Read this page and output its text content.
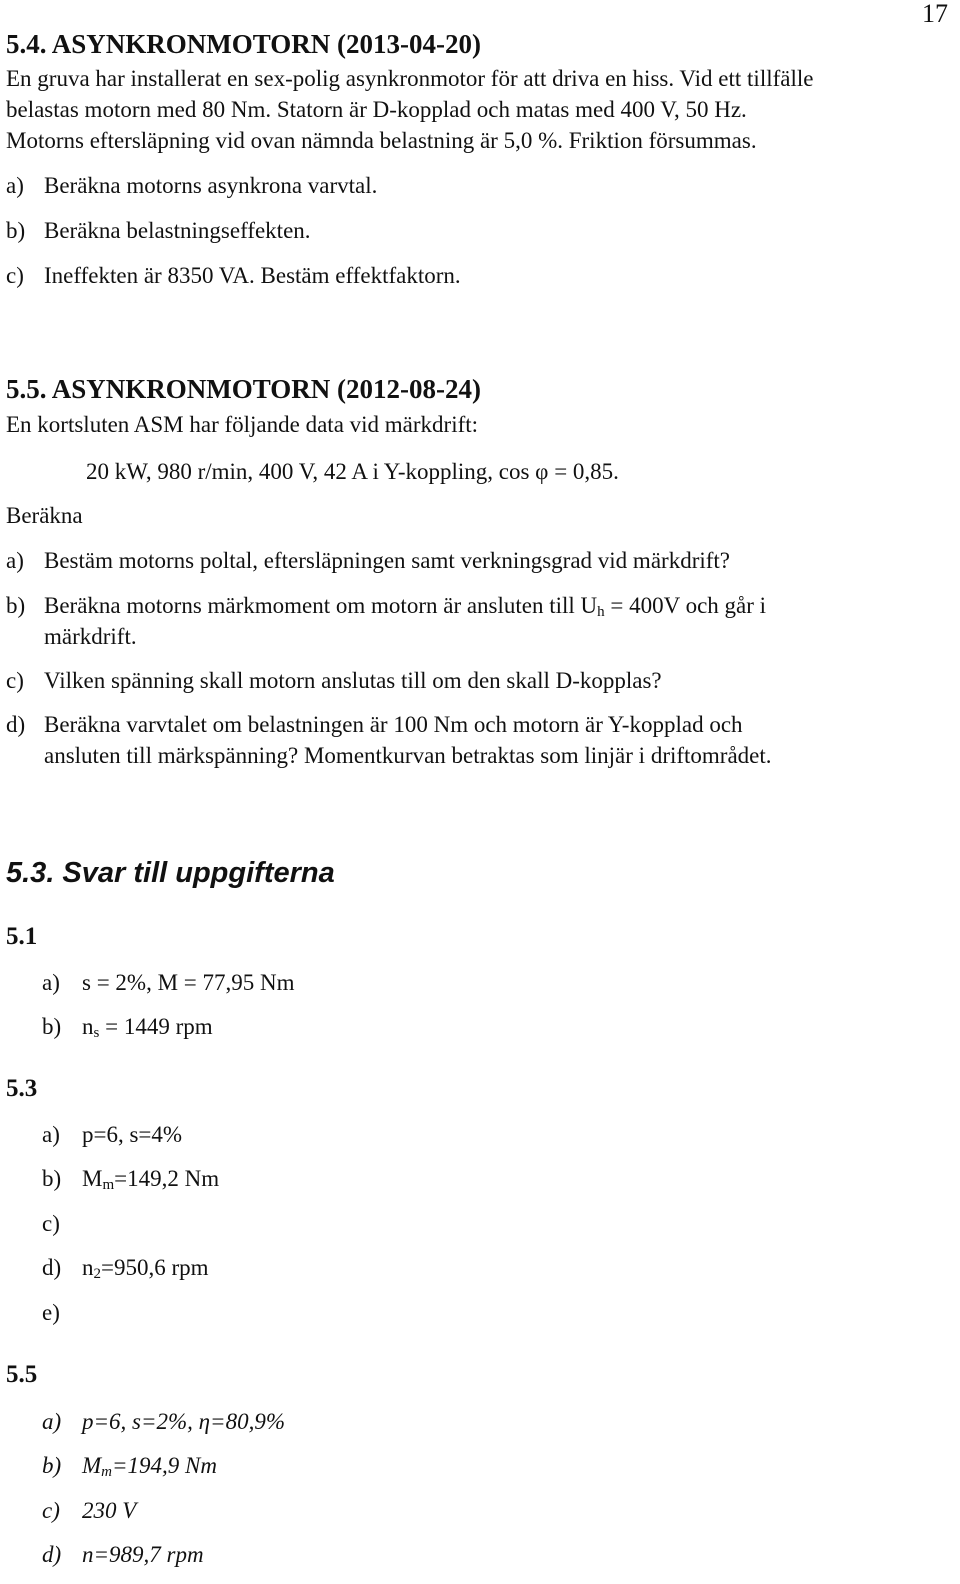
17
5.4. ASYNKRONMOTORN (2013-04-20)
En gruva har installerat en sex-polig asynkronmotor för att driva en hiss. Vid ett tillfälle
belastas motorn med 80 Nm. Statorn är D-kopplad och matas med 400 V, 50 Hz.
Motorns eftersläpning vid ovan nämnda belastning är 5,0 %. Friktion försummas.
a) Beräkna motorns asynkrona varvtal.
b) Beräkna belastningseffekten.
c) Ineffekten är 8350 VA. Bestäm effektfaktorn.
5.5. ASYNKRONMOTORN (2012-08-24)
En kortsluten ASM har följande data vid märkdrift:
20 kW, 980 r/min, 400 V, 42 A i Y-koppling, cos φ = 0,85.
Beräkna
a) Bestäm motorns poltal, eftersläpningen samt verkningsgrad vid märkdrift?
b) Beräkna motorns märkmoment om motorn är ansluten till $U_h = 400V$ och går i
märkdrift.
c) Vilken spänning skall motorn anslutas till om den skall D-kopplas?
d) Beräkna varvtalet om belastningen är 100 Nm och motorn är Y-kopplad och
ansluten till märkspänning? Momentkurvan betraktas som linjär i driftområdet.
5.3. Svar till uppgifterna
5.1
a) s = 2%, M = 77,95 Nm
b) $n_s = 1449$ rpm
5.3
a) p=6, s=4%
b) $M_m=149,2$ Nm
c)
d) $n_2=950,6$ rpm
e)
5.5
a) p=6, s=2%, η=80,9%
b) $M_m=194,9$ Nm
c) 230 V
d) n=989,7 rpm
